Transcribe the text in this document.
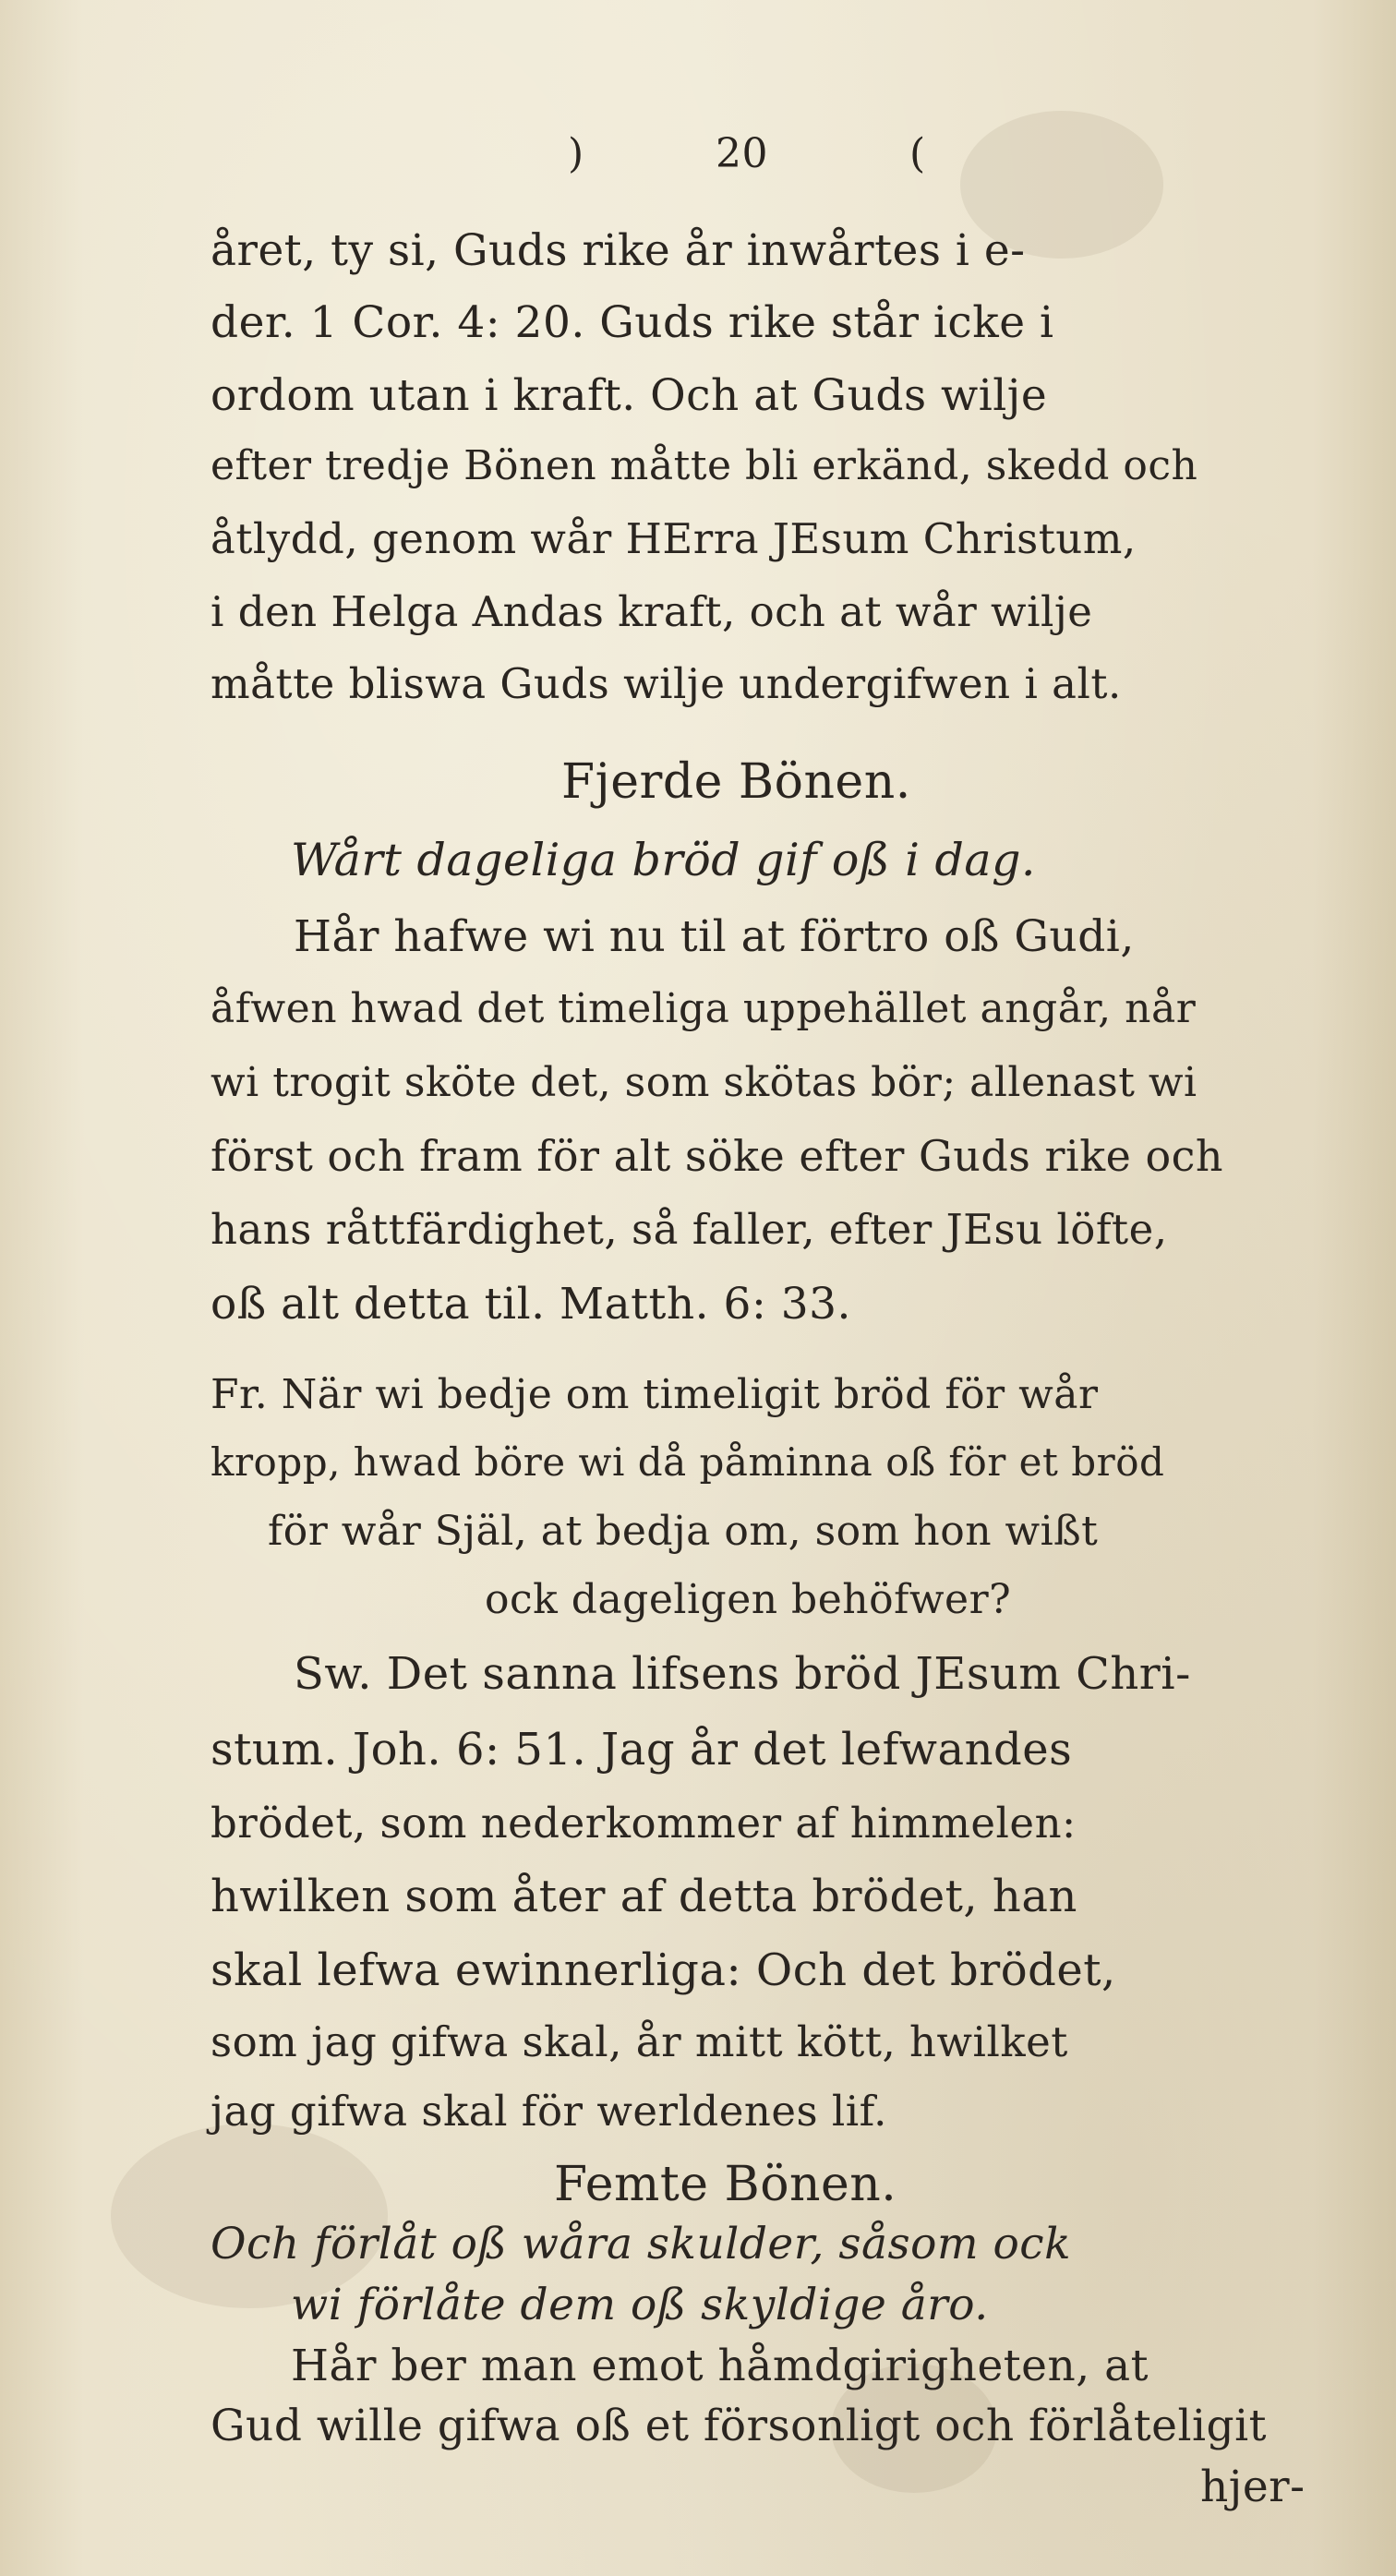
)	20	(
året, ty si, Guds rike år inwårtes i e-
der. 1 Cor. 4: 20. Guds rike står icke i
ordom utan i kraft. Och at Guds wilje
efter tredje Bönen måtte bli erkänd, skedd och
åtlydd, genom wår HErra JEsum Christum,
i den Helga Andas kraft, och at wår wilje
måtte bliswa Guds wilje undergifwen i alt.
Fjerde Bönen.
Wårt dageliga bröd gif oß i dag.
Hår hafwe wi nu til at förtro oß Gudi,
åfwen hwad det timeliga uppehället angår, når
wi trogit sköte det, som skötas bör; allenast wi
först och fram för alt söke efter Guds rike och
hans råttfärdighet, så faller, efter JEsu löfte,
oß alt detta til. Matth. 6: 33.
Fr. När wi bedje om timeligit bröd för wår
kropp, hwad böre wi då påminna oß för et bröd
för wår Själ, at bedja om, som hon wißt
ock dageligen behöfwer?
Sw. Det sanna lifsens bröd JEsum Chri-
stum. Joh. 6: 51. Jag år det lefwandes
brödet, som nederkommer af himmelen:
hwilken som åter af detta brödet, han
skal lefwa ewinnerliga: Och det brödet,
som jag gifwa skal, år mitt kött, hwilket
jag gifwa skal för werldenes lif.
Femte Bönen.
Och förlåt oß wåra skulder, såsom ock
wi förlåte dem oß skyldige åro.
Hår ber man emot håmdgirigheten, at
Gud wille gifwa oß et försonligt och förlåteligit
hjer-
